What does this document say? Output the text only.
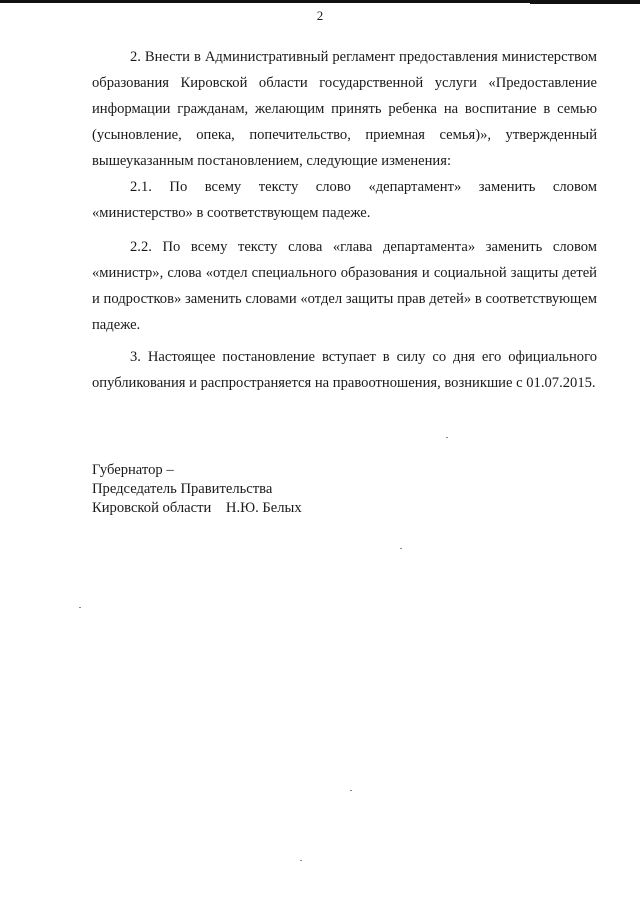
2

2. Внести в Административный регламент предоставления министерством образования Кировской области государственной услуги «Предоставление информации гражданам, желающим принять ребенка на воспитание в семью (усыновление, опека, попечительство, приемная семья)», утвержденный вышеуказанным постановлением, следующие изменения:

2.1. По всему тексту слово «департамент» заменить словом «министерство» в соответствующем падеже.

2.2. По всему тексту слова «глава департамента» заменить словом «министр», слова «отдел специального образования и социальной защиты детей и подростков» заменить словами «отдел защиты прав детей» в соответствующем падеже.

3. Настоящее постановление вступает в силу со дня его официального опубликования и распространяется на правоотношения, возникшие с 01.07.2015.

Губернатор –
Председатель Правительства
Кировской области    Н.Ю. Белых
